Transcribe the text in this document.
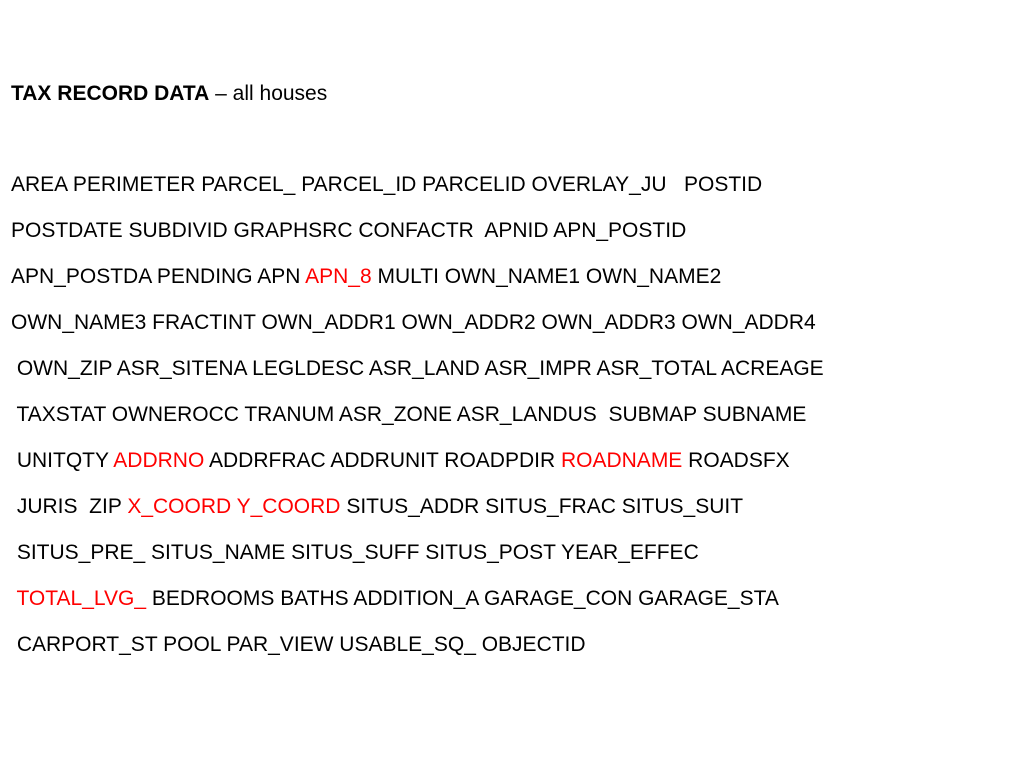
TAX RECORD DATA – all houses
AREA PERIMETER PARCEL_ PARCEL_ID PARCELID OVERLAY_JU   POSTID
POSTDATE SUBDIVID GRAPHSRC CONFACTR  APNID APN_POSTID
APN_POSTDA PENDING APN APN_8 MULTI OWN_NAME1 OWN_NAME2
OWN_NAME3 FRACTINT OWN_ADDR1 OWN_ADDR2 OWN_ADDR3 OWN_ADDR4
OWN_ZIP ASR_SITENA LEGLDESC ASR_LAND ASR_IMPR ASR_TOTAL ACREAGE
TAXSTAT OWNEROCC TRANUM ASR_ZONE ASR_LANDUS  SUBMAP SUBNAME
UNITQTY ADDRNO ADDRFRAC ADDRUNIT ROADPDIR ROADNAME ROADSFX
JURIS  ZIP X_COORD Y_COORD SITUS_ADDR SITUS_FRAC SITUS_SUIT
SITUS_PRE_ SITUS_NAME SITUS_SUFF SITUS_POST YEAR_EFFEC
TOTAL_LVG_ BEDROOMS BATHS ADDITION_A GARAGE_CON GARAGE_STA
CARPORT_ST POOL PAR_VIEW USABLE_SQ_ OBJECTID
